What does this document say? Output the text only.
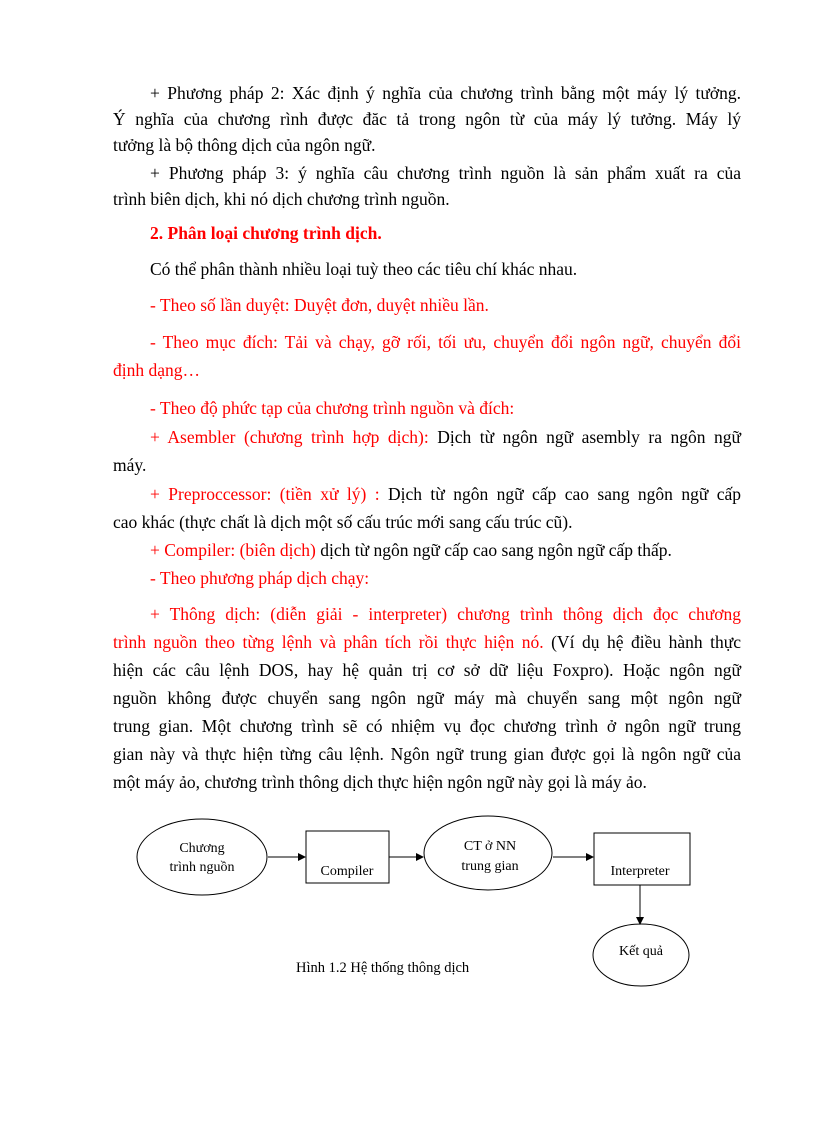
+ Phương pháp 2: Xác định ý nghĩa của chương trình bằng một máy lý tưởng.
Ý nghĩa của chương rình được đăc tả trong ngôn từ của máy lý tưởng. Máy lý
tưởng là bộ thông dịch của ngôn ngữ.
+ Phương pháp 3: ý nghĩa câu chương trình nguồn là sản phẩm xuất ra của
trình biên dịch, khi nó dịch chương trình nguồn.
2. Phân loại chương trình dịch.
Có thể phân thành nhiều loại tuỳ theo các tiêu chí khác nhau.
- Theo số lần duyệt: Duyệt đơn, duyệt nhiều lần.
- Theo mục đích: Tải và chạy, gỡ rối, tối ưu, chuyển đổi ngôn ngữ, chuyển đổi
định dạng…
- Theo độ phức tạp của chương trình nguồn và đích:
+ Asembler (chương trình hợp dịch): Dịch từ ngôn ngữ asembly ra ngôn ngữ
máy.
+ Preproccessor: (tiền xử lý) : Dịch từ ngôn ngữ cấp cao sang ngôn ngữ cấp
cao khác (thực chất là dịch một số cấu trúc mới sang cấu trúc cũ).
+ Compiler: (biên dịch) dịch từ ngôn ngữ cấp cao sang ngôn ngữ cấp thấp.
- Theo phương pháp dịch chạy:
+ Thông dịch: (diễn giải - interpreter) chương trình thông dịch đọc chương
trình nguồn theo từng lệnh và phân tích rồi thực hiện nó. (Ví dụ hệ điều hành thực
hiện các câu lệnh DOS, hay hệ quản trị cơ sở dữ liệu Foxpro). Hoặc ngôn ngữ
nguồn không được chuyển sang ngôn ngữ máy mà chuyển sang một ngôn ngữ
trung gian. Một chương trình sẽ có nhiệm vụ đọc chương trình ở ngôn ngữ trung
gian này và thực hiện từng câu lệnh. Ngôn ngữ trung gian được gọi là ngôn ngữ của
một máy ảo, chương trình thông dịch thực hiện ngôn ngữ này gọi là máy ảo.
Chương
trình nguồn	Compiler
CT ở NN
trung gian	Interpreter
Kết quả
Hình 1.2 Hệ thống thông dịch
